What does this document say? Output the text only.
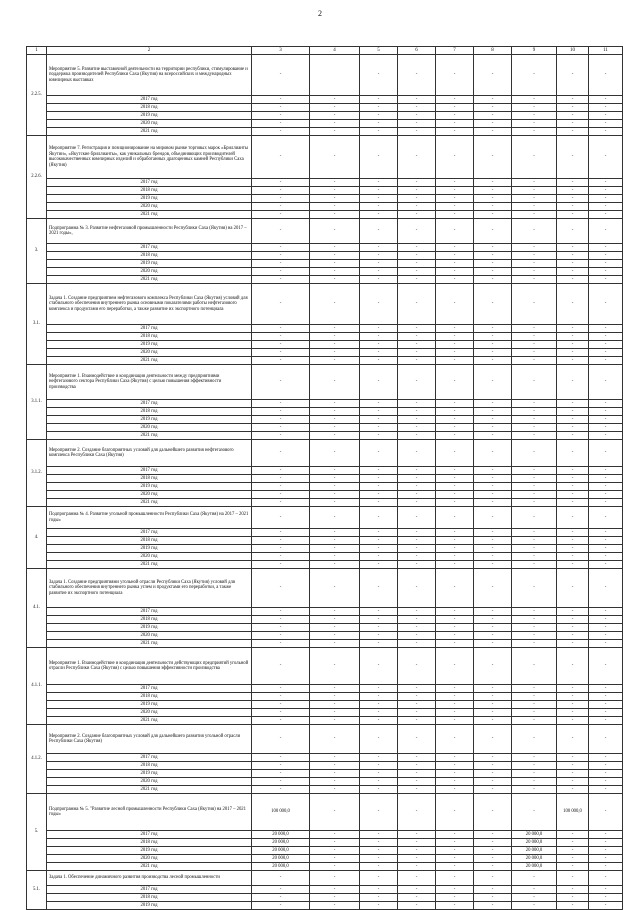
2
1	2	3	4	5	6	7	8	9	10	11
2.2.5.	Мероприятие 5. Развитие выставочной деятельности на территории республики, стимулирование и поддержка производителей Республики Саха (Якутия) на всероссийских и международных ювелирных выставках	-		-	-	-	-	-	-	-
	2017 год	-	-	-	-	-	-	-	-	-
	2018 год	-	-	-	-	-	-	-	-	-
	2019 год	-	-	-	-	-	-	-	-	-
	2020 год	-	-	-	-	-	-	-	-	-
	2021 год	-	-	-	-	-	-	-	-	-
2.2.6.	Мероприятие 7. Регистрация и позиционирование на мировом рынке торговых марок «Бриллианты Якутии», «Якутские бриллианты», как уникальных брендов, объединяющих производителей высококачественных ювелирных изделий и обработанных драгоценных камней Республики Саха (Якутия)	-	-	-	-	-	-	-	-	-
	2017 год	-	-	-	-	-	-	-	-	-
	2018 год	-	-	-	-	-	-	-	-	-
	2019 год	-	-	-	-	-	-	-	-	-
	2020 год	-	-	-	-	-	-	-	-	-
	2021 год	-	-	-	-	-	-	-	-	-
3.	Подпрограмма № 3. Развитие нефтегазовой промышленности Республики Саха (Якутия) на 2017 – 2021 годы»,	-	-	-	-	-	-	-	-	-
	2017 год	-	-	-	-	-	-	-	-	-
	2018 год	-	-	-	-	-	-	-	-	-
	2019 год	-	-	-	-	-	-	-	-	-
	2020 год	-	-	-	-	-	-	-	-	-
	2021 год	-	-	-	-	-	-	-	-	-
3.1.	Задача 1. Создание предприятием нефтегазового комплекса Республики Саха (Якутия) условий для стабильного обеспечения внутреннего рынка основными показателями работы нефтегазового комплекса и продуктами его переработки, а также развитие их экспортного потенциала	-	-	-	-	-	-	-	-	-
	2017 год	-	-	-	-	-	-	-	-	-
	2018 год	-	-	-	-	-	-	-	-	-
	2019 год	-	-	-	-	-	-	-	-	-
	2020 год	-	-	-	-	-	-	-	-	-
	2021 год	-	-	-	-	-	-	-	-	-
3.1.1.	Мероприятие 1. Взаимодействие и координация деятельности между предприятиями нефтегазового сектора Республики Саха (Якутия) с целью повышения эффективности производства	-	-	-	-	-	-	-	-	-
	2017 год	-	-	-	-	-	-	-	-	-
	2018 год	-	-	-	-	-	-	-	-	-
	2019 год	-	-	-	-	-	-	-	-	-
	2020 год	-	-	-	-	-	-	-	-	-
	2021 год	-	-	-	-	-	-	-	-	-
3.1.2.	Мероприятие 2. Создание благоприятных условий для дальнейшего развития нефтегазового комплекса Республики Саха (Якутия)	-	-	-	-	-	-	-	-	-
	2017 год	-	-	-	-	-	-	-	-	-
	2018 год	-	-	-	-	-	-	-	-	-
	2019 год	-	-	-	-	-	-	-	-	-
	2020 год	-	-	-	-	-	-	-	-	-
	2021 год	-	-	-	-	-	-	-	-	-
4.	Подпрограмма № 4. Развитие угольной промышленности Республики Саха (Якутия) на 2017 – 2021 годы»	-	-	-	-	-	-	-	-	-
	2017 год	-	-	-	-	-	-	-	-	-
	2018 год	-	-	-	-	-	-	-	-	-
	2019 год	-	-	-	-	-	-	-	-	-
	2020 год	-	-	-	-	-	-	-	-	-
	2021 год	-	-	-	-	-	-	-	-	-
4.1.	Задача 1. Создание предприятиями угольной отрасли Республики Саха (Якутия) условий для стабильного обеспечения внутреннего рынка углем и продуктами его переработки, а также развитие их экспортного потенциала	-	-	-	-	-	-	-	-	-
	2017 год	-	-	-	-	-	-	-	-	-
	2018 год	-	-	-	-	-	-	-	-	-
	2019 год	-	-	-	-	-	-	-	-	-
	2020 год	-	-	-	-	-	-	-	-	-
	2021 год	-	-	-	-	-	-	-	-	-
4.1.1.	Мероприятие 1. Взаимодействие и координация деятельности действующих предприятий угольной отрасли Республики Саха (Якутия) с целью повышения эффективности производства	-	-	-	-	-	-	-	-	-
	2017 год	-	-	-	-	-	-	-	-	-
	2018 год	-	-	-	-	-	-	-	-	-
	2019 год	-	-	-	-	-	-	-	-	-
	2020 год	-	-	-	-	-	-	-	-	-
	2021 год	-	-	-	-	-	-	-	-	-
4.1.2.	Мероприятие 2. Создание благоприятных условий для дальнейшего развития угольной отрасли Республики Саха (Якутия)	-	-	-	-	-	-	-	-	-
	2017 год	-	-	-	-	-	-	-	-	-
	2018 год	-	-	-	-	-	-	-	-	-
	2019 год	-	-	-	-	-	-	-	-	-
	2020 год	-	-	-	-	-	-	-	-	-
	2021 год	-	-	-	-	-	-	-	-	-
5.	Подпрограмма № 5. "Развитие лесной промышленности Республики Саха (Якутия) на 2017 – 2021 годы»	100 000,0	-	-	-	-	-	-	100 000,0	-
	2017 год	20 000,0	-	-	-	-	-	20 000,0	-	-
	2018 год	20 000,0	-	-	-	-	-	20 000,0	-	-
	2019 год	20 000,0	-	-	-	-	-	20 000,0	-	-
	2020 год	20 000,0	-	-	-	-	-	20 000,0	-	-
	2021 год	20 000,0	-	-	-	-	-	20 000,0	-	-
5.1.	Задача 1. Обеспечение динамичного развития производства лесной промышленности	-	-	-	-	-	-	-	-	-
	2017 год	-	-	-	-	-	-	-	-	-
	2018 год	-	-	-	-	-	-	-	-	-
	2019 год	-	-	-	-	-	-	-	-	-
